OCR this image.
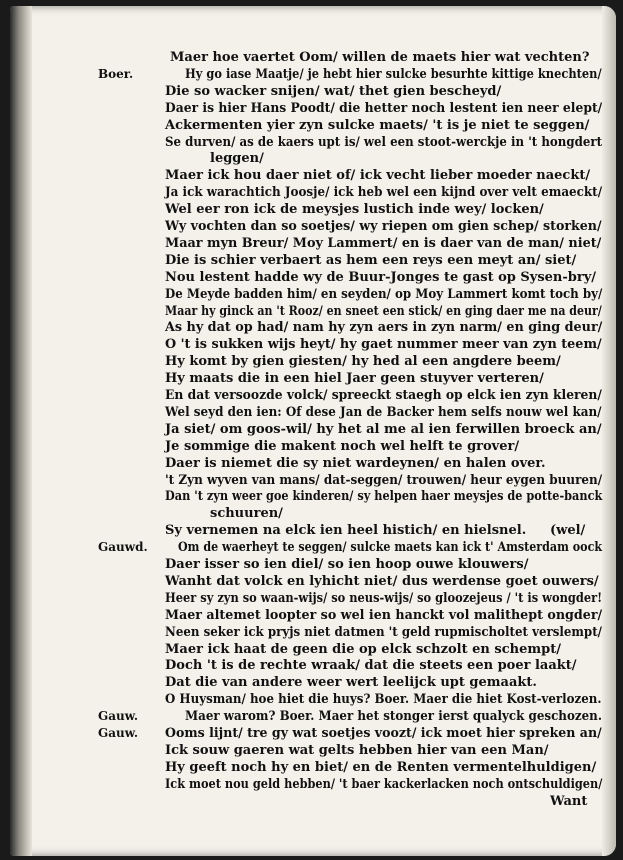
Maer hoe vaertet Oom/ willen de maets hier wat vechten?
Boer.	Hy go iase Maatje/ je hebt hier sulcke besurhte kittige knechten/
Die so wacker snijen/ wat/ thet gien bescheyd/
Daer is hier Hans Poodt/ die hetter noch lestent ien neer elept/
Ackermenten yier zyn sulcke maets/ 't is je niet te seggen/
Se durven/ as de kaers upt is/ wel een stoot-werckje in 't hongdert
leggen/
Maer ick hou daer niet of/ ick vecht lieber moeder naeckt/
Ja ick warachtich Joosje/ ick heb wel een kijnd over velt emaeckt/
Wel eer ron ick de meysjes lustich inde wey/ locken/
Wy vochten dan so soetjes/ wy riepen om gien schep/ storken/
Maar myn Breur/ Moy Lammert/ en is daer van de man/ niet/
Die is schier verbaert as hem een reys een meyt an/ siet/
Nou lestent hadde wy de Buur-Jonges te gast op Sysen-bry/
De Meyde badden him/ en seyden/ op Moy Lammert komt toch by/
Maar hy ginck an 't Rooz/ en sneet een stick/ en ging daer me na deur/
As hy dat op had/ nam hy zyn aers in zyn narm/ en ging deur/
O 't is sukken wijs heyt/ hy gaet nummer meer van zyn teem/
Hy komt by gien giesten/ hy hed al een angdere beem/
Hy maats die in een hiel Jaer geen stuyver verteren/
En dat versoozde volck/ spreeckt staegh op elck ien zyn kleren/
Wel seyd den ien: Of dese Jan de Backer hem selfs nouw wel kan/
Ja siet/ om goos-wil/ hy het al me al ien ferwillen broeck an/
Je sommige die makent noch wel helft te grover/
Daer is niemet die sy niet wardeynen/ en halen over.
't Zyn wyven van mans/ dat-seggen/ trouwen/ heur eygen buuren/
Dan 't zyn weer goe kinderen/ sy helpen haer meysjes de potte-banck
schuuren/
Sy vernemen na elck ien heel histich/ en hielsnel. (wel/
Gauwd. Om de waerheyt te seggen/ sulcke maets kan ick t' Amsterdam oock
Daer isser so ien diel/ so ien hoop ouwe klouwers/
Wanht dat volck en lyhicht niet/ dus werdense goet ouwers/
Heer sy zyn so waan-wijs/ so neus-wijs/ so gloozejeus / 't is wongder!
Maer altemet loopter so wel ien hanckt vol malithept ongder/
Neen seker ick pryjs niet datmen 't geld rupmischoltet verslempt/
Maer ick haat de geen die op elck schzolt en schempt/
Doch 't is de rechte wraak/ dat die steets een poer laakt/
Dat die van andere weer wert leelijck upt gemaakt.
O Huysman/ hoe hiet die huys? Boer. Maer die hiet Kost-verlozen.
Gauw.	Maer warom? Boer. Maer het stonger ierst qualyck geschozen.
Gauw. Ooms lijnt/ tre gy wat soetjes voozt/ ick moet hier spreken an/
Ick souw gaeren wat gelts hebben hier van een Man/
Hy geeft noch hy en biet/ en de Renten vermentelhuldigen/
Ick moet nou geld hebben/ 't baer kackerlacken noch ontschuldigen/
Want
